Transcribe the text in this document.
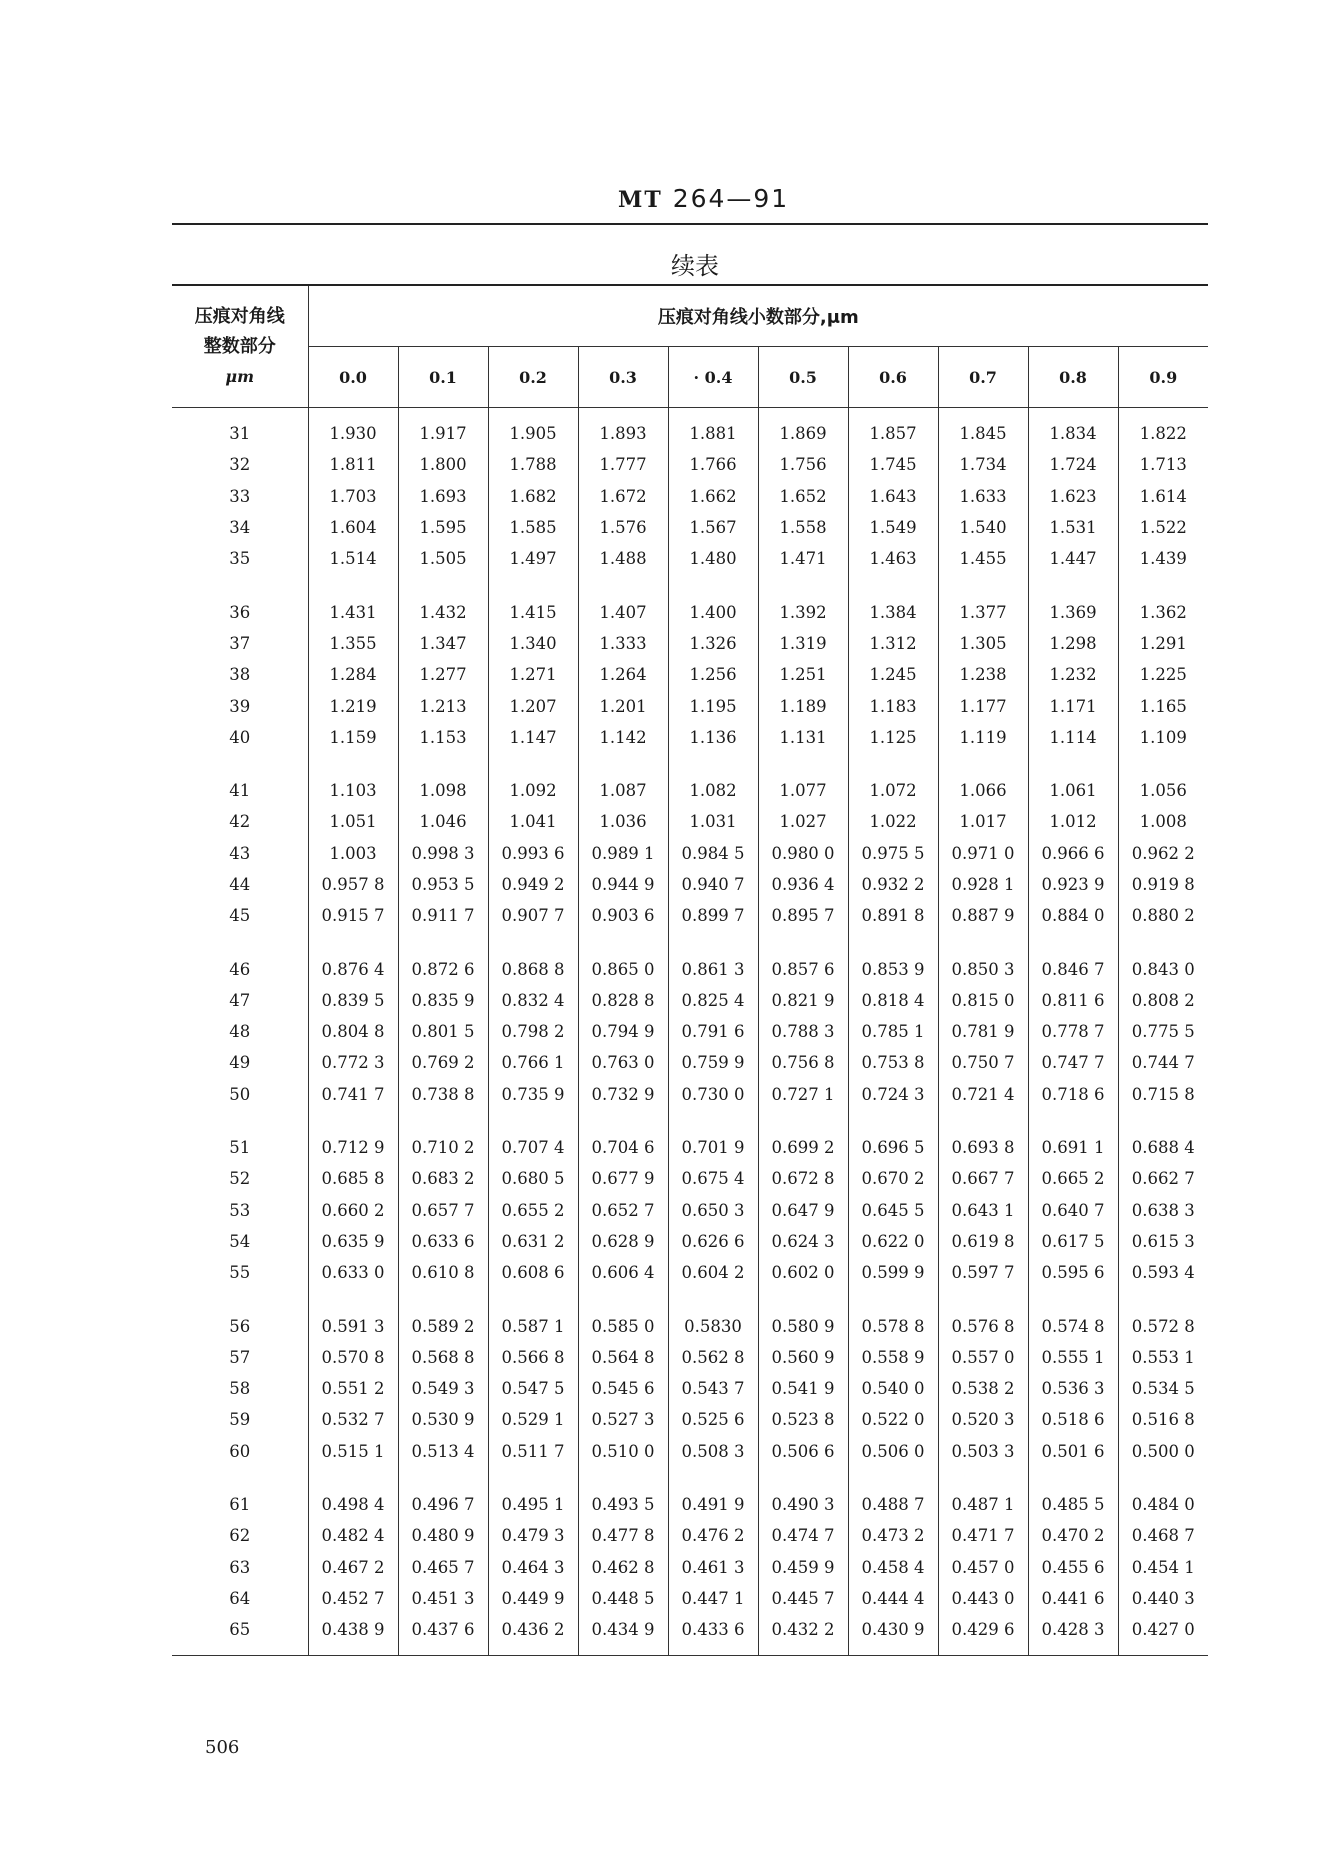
MT 264—91
续表
压痕对角线
整数部分
μm	压痕对角线小数部分,μm									
	0.0	0.1	0.2	0.3	· 0.4	0.5	0.6	0.7	0.8	0.9

31	1.930	1.917	1.905	1.893	1.881	1.869	1.857	1.845	1.834	1.822
32	1.811	1.800	1.788	1.777	1.766	1.756	1.745	1.734	1.724	1.713
33	1.703	1.693	1.682	1.672	1.662	1.652	1.643	1.633	1.623	1.614
34	1.604	1.595	1.585	1.576	1.567	1.558	1.549	1.540	1.531	1.522
35	1.514	1.505	1.497	1.488	1.480	1.471	1.463	1.455	1.447	1.439

36	1.431	1.432	1.415	1.407	1.400	1.392	1.384	1.377	1.369	1.362
37	1.355	1.347	1.340	1.333	1.326	1.319	1.312	1.305	1.298	1.291
38	1.284	1.277	1.271	1.264	1.256	1.251	1.245	1.238	1.232	1.225
39	1.219	1.213	1.207	1.201	1.195	1.189	1.183	1.177	1.171	1.165
40	1.159	1.153	1.147	1.142	1.136	1.131	1.125	1.119	1.114	1.109

41	1.103	1.098	1.092	1.087	1.082	1.077	1.072	1.066	1.061	1.056
42	1.051	1.046	1.041	1.036	1.031	1.027	1.022	1.017	1.012	1.008
43	1.003	0.998 3	0.993 6	0.989 1	0.984 5	0.980 0	0.975 5	0.971 0	0.966 6	0.962 2
44	0.957 8	0.953 5	0.949 2	0.944 9	0.940 7	0.936 4	0.932 2	0.928 1	0.923 9	0.919 8
45	0.915 7	0.911 7	0.907 7	0.903 6	0.899 7	0.895 7	0.891 8	0.887 9	0.884 0	0.880 2

46	0.876 4	0.872 6	0.868 8	0.865 0	0.861 3	0.857 6	0.853 9	0.850 3	0.846 7	0.843 0
47	0.839 5	0.835 9	0.832 4	0.828 8	0.825 4	0.821 9	0.818 4	0.815 0	0.811 6	0.808 2
48	0.804 8	0.801 5	0.798 2	0.794 9	0.791 6	0.788 3	0.785 1	0.781 9	0.778 7	0.775 5
49	0.772 3	0.769 2	0.766 1	0.763 0	0.759 9	0.756 8	0.753 8	0.750 7	0.747 7	0.744 7
50	0.741 7	0.738 8	0.735 9	0.732 9	0.730 0	0.727 1	0.724 3	0.721 4	0.718 6	0.715 8

51	0.712 9	0.710 2	0.707 4	0.704 6	0.701 9	0.699 2	0.696 5	0.693 8	0.691 1	0.688 4
52	0.685 8	0.683 2	0.680 5	0.677 9	0.675 4	0.672 8	0.670 2	0.667 7	0.665 2	0.662 7
53	0.660 2	0.657 7	0.655 2	0.652 7	0.650 3	0.647 9	0.645 5	0.643 1	0.640 7	0.638 3
54	0.635 9	0.633 6	0.631 2	0.628 9	0.626 6	0.624 3	0.622 0	0.619 8	0.617 5	0.615 3
55	0.633 0	0.610 8	0.608 6	0.606 4	0.604 2	0.602 0	0.599 9	0.597 7	0.595 6	0.593 4

56	0.591 3	0.589 2	0.587 1	0.585 0	0.5830	0.580 9	0.578 8	0.576 8	0.574 8	0.572 8
57	0.570 8	0.568 8	0.566 8	0.564 8	0.562 8	0.560 9	0.558 9	0.557 0	0.555 1	0.553 1
58	0.551 2	0.549 3	0.547 5	0.545 6	0.543 7	0.541 9	0.540 0	0.538 2	0.536 3	0.534 5
59	0.532 7	0.530 9	0.529 1	0.527 3	0.525 6	0.523 8	0.522 0	0.520 3	0.518 6	0.516 8
60	0.515 1	0.513 4	0.511 7	0.510 0	0.508 3	0.506 6	0.506 0	0.503 3	0.501 6	0.500 0

61	0.498 4	0.496 7	0.495 1	0.493 5	0.491 9	0.490 3	0.488 7	0.487 1	0.485 5	0.484 0
62	0.482 4	0.480 9	0.479 3	0.477 8	0.476 2	0.474 7	0.473 2	0.471 7	0.470 2	0.468 7
63	0.467 2	0.465 7	0.464 3	0.462 8	0.461 3	0.459 9	0.458 4	0.457 0	0.455 6	0.454 1
64	0.452 7	0.451 3	0.449 9	0.448 5	0.447 1	0.445 7	0.444 4	0.443 0	0.441 6	0.440 3
65	0.438 9	0.437 6	0.436 2	0.434 9	0.433 6	0.432 2	0.430 9	0.429 6	0.428 3	0.427 0

506
